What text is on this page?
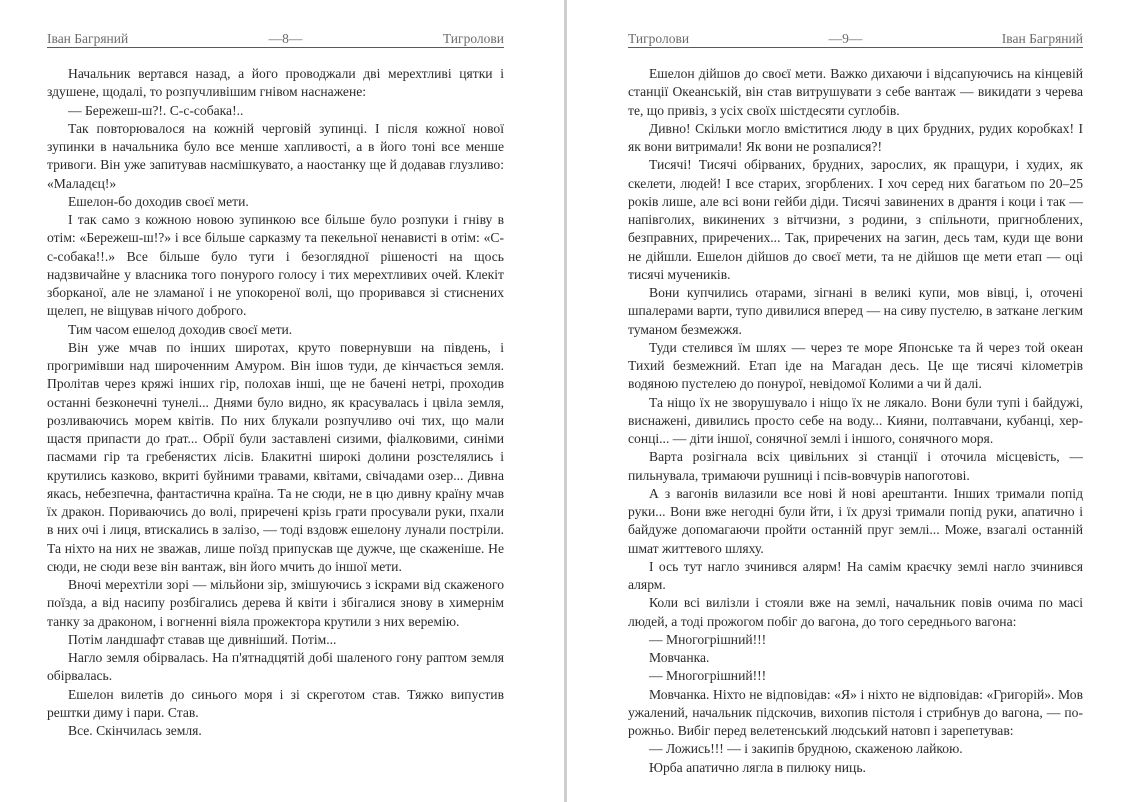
Іван Багряний	—8—	Тигролови

Начальник вертався назад, а його проводжали дві мерехтливі цятки і здушене, щодалі, то розпучливішим гнівом наснажене:

— Бережеш-ш?!. С-с-собака!..

Так повторювалося на кожній черговій зупинці. І після кожної нової зупинки в начальника було все менше хапливості, а в його тоні все менше тривоги. Він уже запитував насмішкувато, а наостанку ще й додавав глузливо: «Маладєц!»

Ешелон-бо доходив своєї мети.

І так само з кожною новою зупинкою все більше було розпуки і гніву в отім: «Бережеш-ш!?» і все більше сарказму та пекельної ненависті в отім: «С-с-собака!!.» Все більше було туги і безоглядної рішеності на щось надзвичайне у власника того понурого голосу і тих мерехтливих очей. Клекіт зборканої, але не зламаної і не упокореної волі, що проривався зі стиснених щелеп, не віщував нічого доброго.

Тим часом ешелод доходив своєї мети.

Він уже мчав по інших широтах, круто повернувши на південь, і прогримівши над широченним Амуром. Він ішов туди, де кінчається земля. Пролітав через кряжі інших гір, полохав інші, ще не бачені нетрі, проходив останні безконечні тунелі... Днями було видно, як красувалась і цвіла земля, розливаючись морем квітів. По них блукали розпучливо очі тих, що мали щастя припасти до ґрат... Обрії були заставлені сизими, фіалковими, синіми пасмами гір та гребенястих лісів. Блакитні широкі долини розстелялись і крутились казково, вкриті буйними травами, квітами, свічадами озер... Дивна якась, небезпечна, фантастична країна. Та не сюди, не в цю дивну країну мчав їх дракон. Пориваючись до волі, приречені крізь грати просували руки, пхали в них очі і лиця, втискались в залізо, — тоді вздовж ешелону лунали постріли. Та ніхто на них не зважав, лише поїзд припускав ще дужче, ще скаженіше. Не сюди, не сюди везе він вантаж, він його мчить до іншої мети.

Вночі мерехтіли зорі — мільйони зір, змішуючись з іскрами від скаженого поїзда, а від насипу розбігались дерева й квіти і збігалися знову в химернім танку за драконом, і вогненні віяла прожектора крутили з них веремію.

Потім ландшафт ставав ще дивніший. Потім...

Нагло земля обірвалась. На п'ятнадцятій добі шаленого гону раптом земля обірвалась.

Ешелон вилетів до синього моря і зі скреготом став. Тяжко випустив рештки диму і пари. Став.

Все. Скінчилась земля.

Тигролови	—9—	Іван Багряний

Ешелон дійшов до своєї мети. Важко дихаючи і відсапуючись на кінцевій станції Океанській, він став витрушувати з себе вантаж — викидати з черева те, що привіз, з усіх своїх шістдесяти суглобів.

Дивно! Скільки могло вміститися люду в цих брудних, рудих коробках! І як вони витримали! Як вони не розпалися?!

Тисячі! Тисячі обірваних, брудних, зарослих, як пращури, і худих, як скелети, людей! І все старих, згорблених. І хоч серед них багатьом по 20–25 років лише, але всі вони гейби діди. Тисячі завинених в дрантя і коци і так — напівголих, викинених з вітчизни, з родини, з спільноти, пригноблених, безправних, приречених... Так, приречених на загин, десь там, куди ще вони не дійшли. Ешелон дійшов до своєї мети, та не дійшов ще мети етап — оці тисячі мучеників.

Вони купчились отарами, зігнані в великі купи, мов вівці, і, оточені шпалерами варти, тупо дивилися вперед — на сиву пустелю, в заткане легким туманом безмежжя.

Туди стелився їм шлях — через те море Японське та й через той океан Тихий безмежний. Етап іде на Магадан десь. Це ще тисячі кілометрів водяною пустелею до понурої, невідомої Колими а чи й далі.

Та ніщо їх не зворушувало і ніщо їх не лякало. Вони були тупі і байдужі, виснажені, дивились просто себе на воду... Кияни, полтавчани, кубанці, херсонці... — діти іншої, сонячної землі і іншого, сонячного моря.

Варта розігнала всіх цивільних зі станції і оточила місцевість, — пильнувала, тримаючи рушниці і псів-вовчурів напоготові.

А з вагонів вилазили все нові й нові арештанти. Інших тримали попід руки... Вони вже негодні були йти, і їх друзі тримали попід руки, апатично і байдуже допомагаючи пройти останній пруг землі... Може, взагалі останній шмат життевого шляху.

І ось тут нагло зчинився алярм! На самім краєчку землі нагло зчинився алярм.

Коли всі вилізли і стояли вже на землі, начальник повів очима по масі людей, а тоді прожогом побіг до вагона, до того середнього вагона:

— Многогрішний!!!

Мовчанка.

— Многогрішний!!!

Мовчанка. Ніхто не відповідав: «Я» і ніхто не відповідав: «Григорій». Мов ужалений, начальник підскочив, вихопив пістоля і стрибнув до вагона, — порожньо. Вибіг перед велетенський людський натовп і зарепетував:

— Ложись!!! — і закипів брудною, скаженою лайкою.

Юрба апатично лягла в пилюку ниць.
